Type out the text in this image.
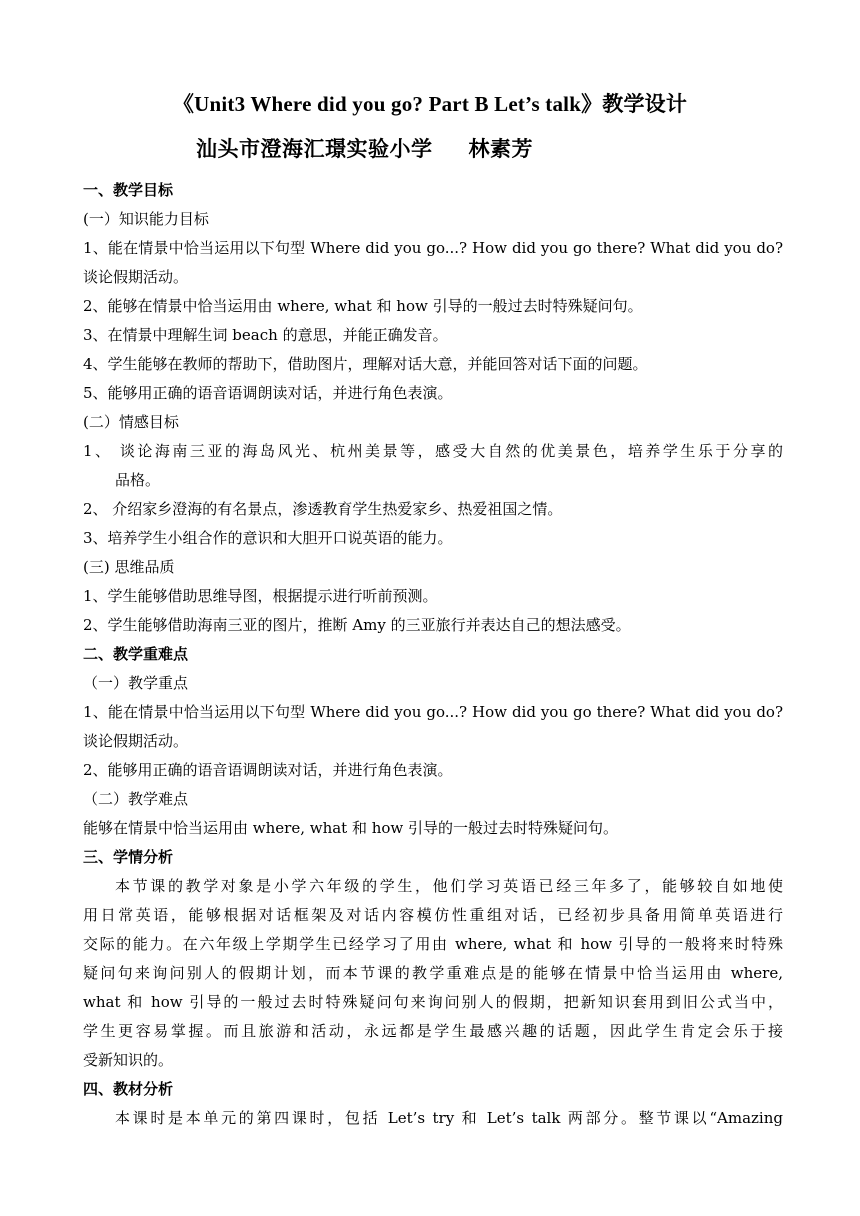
《Unit3 Where did you go? Part B Let’s talk》教学设计
汕头市澄海汇璟实验小学 林素芳
一、教学目标
(一）知识能力目标
1、能在情景中恰当运用以下句型 Where did you go...? How did you go there? What did you do?
谈论假期活动。
2、能够在情景中恰当运用由 where, what 和 how 引导的一般过去时特殊疑问句。
3、在情景中理解生词 beach 的意思，并能正确发音。
4、学生能够在教师的帮助下，借助图片，理解对话大意，并能回答对话下面的问题。
5、能够用正确的语音语调朗读对话，并进行角色表演。
(二）情感目标
1、 谈论海南三亚的海岛风光、杭州美景等，感受大自然的优美景色，培养学生乐于分享的
品格。
2、 介绍家乡澄海的有名景点，渗透教育学生热爱家乡、热爱祖国之情。
3、培养学生小组合作的意识和大胆开口说英语的能力。
(三) 思维品质
1、学生能够借助思维导图，根据提示进行听前预测。
2、学生能够借助海南三亚的图片，推断 Amy 的三亚旅行并表达自己的想法感受。
二、教学重难点
（一）教学重点
1、能在情景中恰当运用以下句型 Where did you go...? How did you go there? What did you do?
谈论假期活动。
2、能够用正确的语音语调朗读对话，并进行角色表演。
（二）教学难点
能够在情景中恰当运用由 where, what 和 how 引导的一般过去时特殊疑问句。
三、学情分析
本节课的教学对象是小学六年级的学生，他们学习英语已经三年多了，能够较自如地使
用日常英语，能够根据对话框架及对话内容模仿性重组对话，已经初步具备用简单英语进行
交际的能力。在六年级上学期学生已经学习了用由 where, what 和 how 引导的一般将来时特殊
疑问句来询问别人的假期计划，而本节课的教学重难点是的能够在情景中恰当运用由 where,
what 和 how 引导的一般过去时特殊疑问句来询问别人的假期，把新知识套用到旧公式当中，
学生更容易掌握。而且旅游和活动，永远都是学生最感兴趣的话题，因此学生肯定会乐于接
受新知识的。
四、教材分析
本课时是本单元的第四课时，包括 Let’s try 和 Let’s talk 两部分。整节课以“Amazing
